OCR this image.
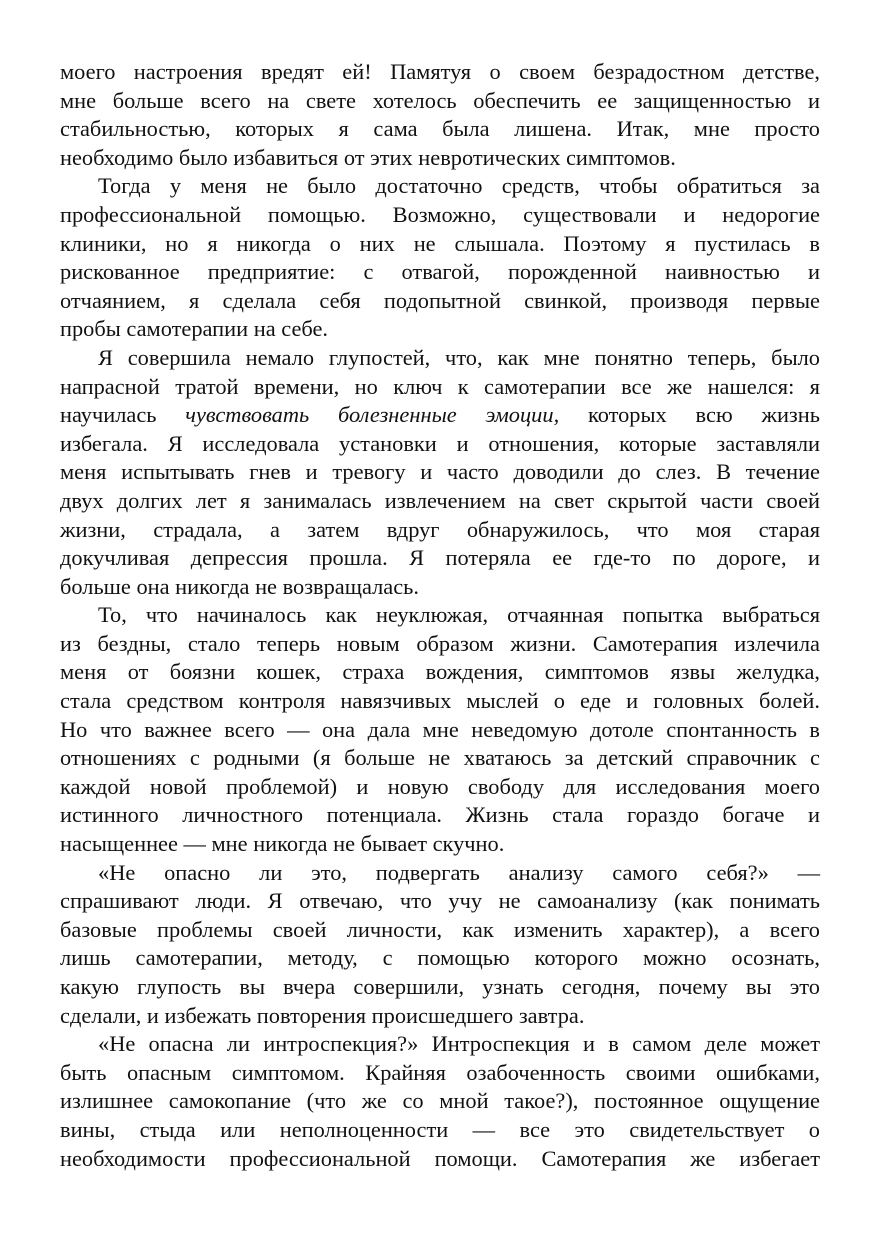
моего настроения вредят ей! Памятуя о своем безрадостном детстве,

мне больше всего на свете хотелось обеспечить ее защищенностью и

стабильностью, которых я сама была лишена. Итак, мне просто

необходимо было избавиться от этих невротических симптомов.

Тогда у меня не было достаточно средств, чтобы обратиться за

профессиональной помощью. Возможно, существовали и недорогие

клиники, но я никогда о них не слышала. Поэтому я пустилась в

рискованное предприятие: с отвагой, порожденной наивностью и

отчаянием, я сделала себя подопытной свинкой, производя первые

пробы самотерапии на себе.

Я совершила немало глупостей, что, как мне понятно теперь, было

напрасной тратой времени, но ключ к самотерапии все же нашелся: я

научилась чувствовать болезненные эмоции, которых всю жизнь

избегала. Я исследовала установки и отношения, которые заставляли

меня испытывать гнев и тревогу и часто доводили до слез. В течение

двух долгих лет я занималась извлечением на свет скрытой части своей

жизни, страдала, а затем вдруг обнаружилось, что моя старая

докучливая депрессия прошла. Я потеряла ее где-то по дороге, и

больше она никогда не возвращалась.

То, что начиналось как неуклюжая, отчаянная попытка выбраться

из бездны, стало теперь новым образом жизни. Самотерапия излечила

меня от боязни кошек, страха вождения, симптомов язвы желудка,

стала средством контроля навязчивых мыслей о еде и головных болей.

Но что важнее всего — она дала мне неведомую дотоле спонтанность в

отношениях с родными (я больше не хватаюсь за детский справочник с

каждой новой проблемой) и новую свободу для исследования моего

истинного личностного потенциала. Жизнь стала гораздо богаче и

насыщеннее — мне никогда не бывает скучно.

«Не опасно ли это, подвергать анализу самого себя?» —

спрашивают люди. Я отвечаю, что учу не самоанализу (как понимать

базовые проблемы своей личности, как изменить характер), а всего

лишь самотерапии, методу, с помощью которого можно осознать,

какую глупость вы вчера совершили, узнать сегодня, почему вы это

сделали, и избежать повторения происшедшего завтра.

«Не опасна ли интроспекция?» Интроспекция и в самом деле может

быть опасным симптомом. Крайняя озабоченность своими ошибками,

излишнее самокопание (что же со мной такое?), постоянное ощущение

вины, стыда или неполноценности — все это свидетельствует о

необходимости профессиональной помощи. Самотерапия же избегает
